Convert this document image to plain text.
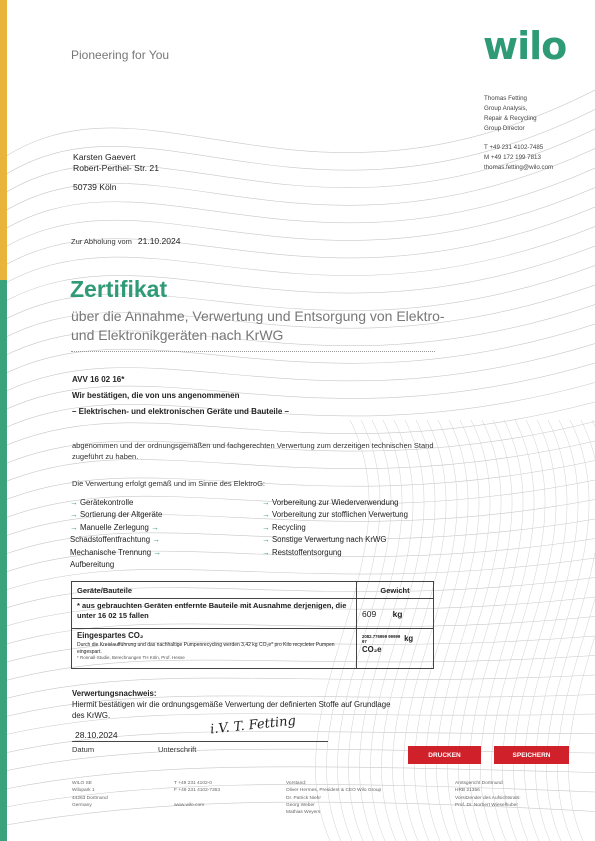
Pioneering for You	wilo
Thomas Fetting
Group Analysis,
Repair & Recycling
Group Director
T +49 231 4102-7485
M +49 172 199 7813
thomas.fetting@wilo.com
Karsten Gaevert
Robert-Perthel- Str. 21
50739 Köln
Zur Abholung vom 21.10.2024
Zertifikat
über die Annahme, Verwertung und Entsorgung von Elektro- und Elektronikgeräten nach KrWG
AVV 16 02 16*
Wir bestätigen, die von uns angenommenen
– Elektrischen- und elektronischen Geräte und Bauteile –
abgenommen und der ordnungsgemäßen und fachgerechten Verwertung zum derzeitigen technischen Stand zugeführt zu haben.
Die Verwertung erfolgt gemäß und im Sinne des ElektroG:
→ Gerätekontrolle
→ Sortierung der Altgeräte
→ Manuelle Zerlegung →
Schadstoffentfrachtung →
Mechanische Trennung →
Aufbereitung
→ Vorbereitung zur Wiederverwendung
→ Vorbereitung zur stofflichen Verwertung
→ Recycling
→ Sonstige Verwertung nach KrWG
→ Reststoffentsorgung
Geräte/Bauteile	Gewicht
* aus gebrauchten Geräten entfernte Bauteile mit Ausnahme derjenigen, die unter 16 02 15 fallen	609 kg

Eingespartes CO₂
Durch die Kreislaufführung und das nachhaltige Pumpenrecycling werden 3,42 kg CO₂e* pro Kilo recycleter Pumpen eingespart.
* Ronnall-Studie, Berechnungen TH Köln, Prof. Hesse	2082.776999 9999997 kg CO₂e
Verwertungsnachweis:
Hiermit bestätigen wir die ordnungsgemäße Verwertung der definierten Stoffe auf Grundlage des KrWG.	i.V. T. Fetting
28.10.2024
Datum	Unterschrift
DRUCKEN	SPEICHERN
WILO SE
Wilopark 1
44263 Dortmund
Germany
T +49 231 4102-0
F +49 231 4102-7363
www.wilo.com
Vorstand:
Oliver Hermes, President & CEO Wilo Group
Dr. Patrick Niehr
Georg Weber
Mathias Weyers
Amtsgericht Dortmund
HRB 21356
Vorsitzender des Aufsichtsrats:
Prof. Dr. Norbert Wieselhuber
